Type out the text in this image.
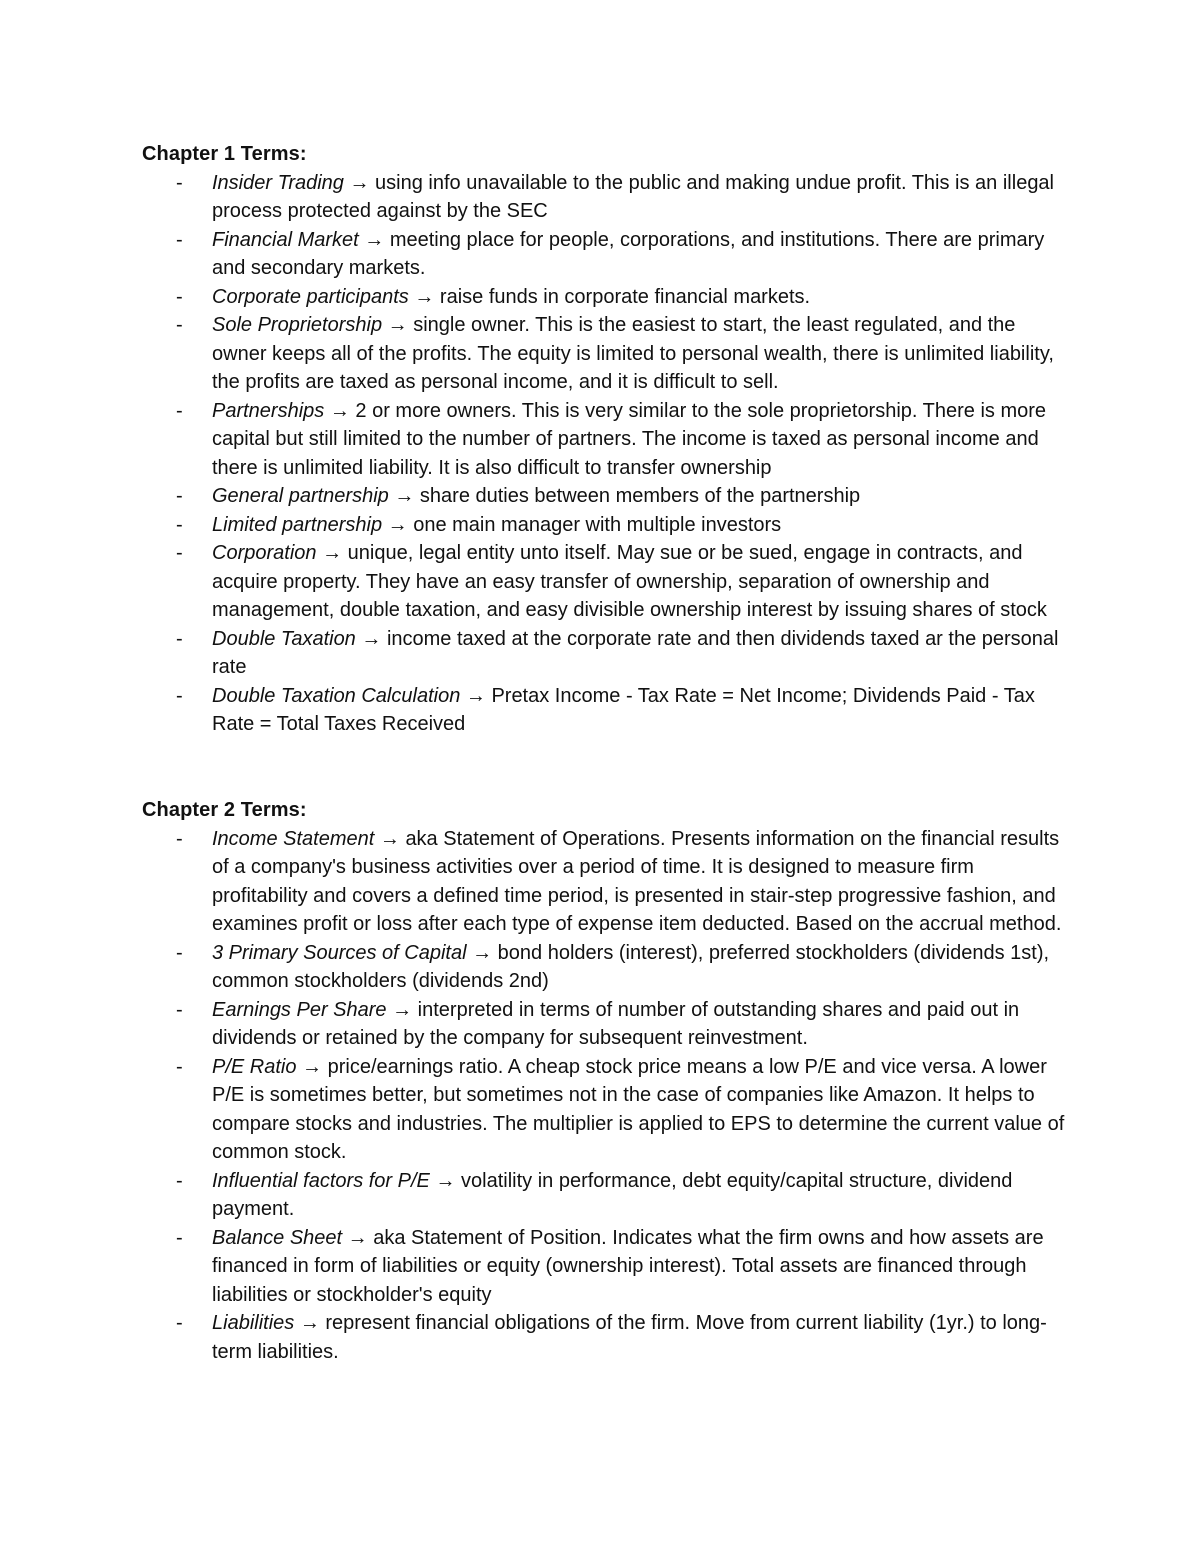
Chapter 1 Terms:
- Insider Trading → using info unavailable to the public and making undue profit. This is an illegal process protected against by the SEC
- Financial Market → meeting place for people, corporations, and institutions. There are primary and secondary markets.
- Corporate participants → raise funds in corporate financial markets.
- Sole Proprietorship → single owner. This is the easiest to start, the least regulated, and the owner keeps all of the profits. The equity is limited to personal wealth, there is unlimited liability, the profits are taxed as personal income, and it is difficult to sell.
- Partnerships → 2 or more owners. This is very similar to the sole proprietorship. There is more capital but still limited to the number of partners. The income is taxed as personal income and there is unlimited liability. It is also difficult to transfer ownership
- General partnership → share duties between members of the partnership
- Limited partnership → one main manager with multiple investors
- Corporation → unique, legal entity unto itself. May sue or be sued, engage in contracts, and acquire property. They have an easy transfer of ownership, separation of ownership and management, double taxation, and easy divisible ownership interest by issuing shares of stock
- Double Taxation → income taxed at the corporate rate and then dividends taxed ar the personal rate
- Double Taxation Calculation → Pretax Income - Tax Rate = Net Income; Dividends Paid - Tax Rate = Total Taxes Received
Chapter 2 Terms:
- Income Statement → aka Statement of Operations. Presents information on the financial results of a company's business activities over a period of time. It is designed to measure firm profitability and covers a defined time period, is presented in stair-step progressive fashion, and examines profit or loss after each type of expense item deducted. Based on the accrual method.
- 3 Primary Sources of Capital → bond holders (interest), preferred stockholders (dividends 1st), common stockholders (dividends 2nd)
- Earnings Per Share → interpreted in terms of number of outstanding shares and paid out in dividends or retained by the company for subsequent reinvestment.
- P/E Ratio → price/earnings ratio. A cheap stock price means a low P/E and vice versa. A lower P/E is sometimes better, but sometimes not in the case of companies like Amazon. It helps to compare stocks and industries. The multiplier is applied to EPS to determine the current value of common stock.
- Influential factors for P/E → volatility in performance, debt equity/capital structure, dividend payment.
- Balance Sheet → aka Statement of Position. Indicates what the firm owns and how assets are financed in form of liabilities or equity (ownership interest). Total assets are financed through liabilities or stockholder's equity
- Liabilities → represent financial obligations of the firm. Move from current liability (1yr.) to long-term liabilities.
